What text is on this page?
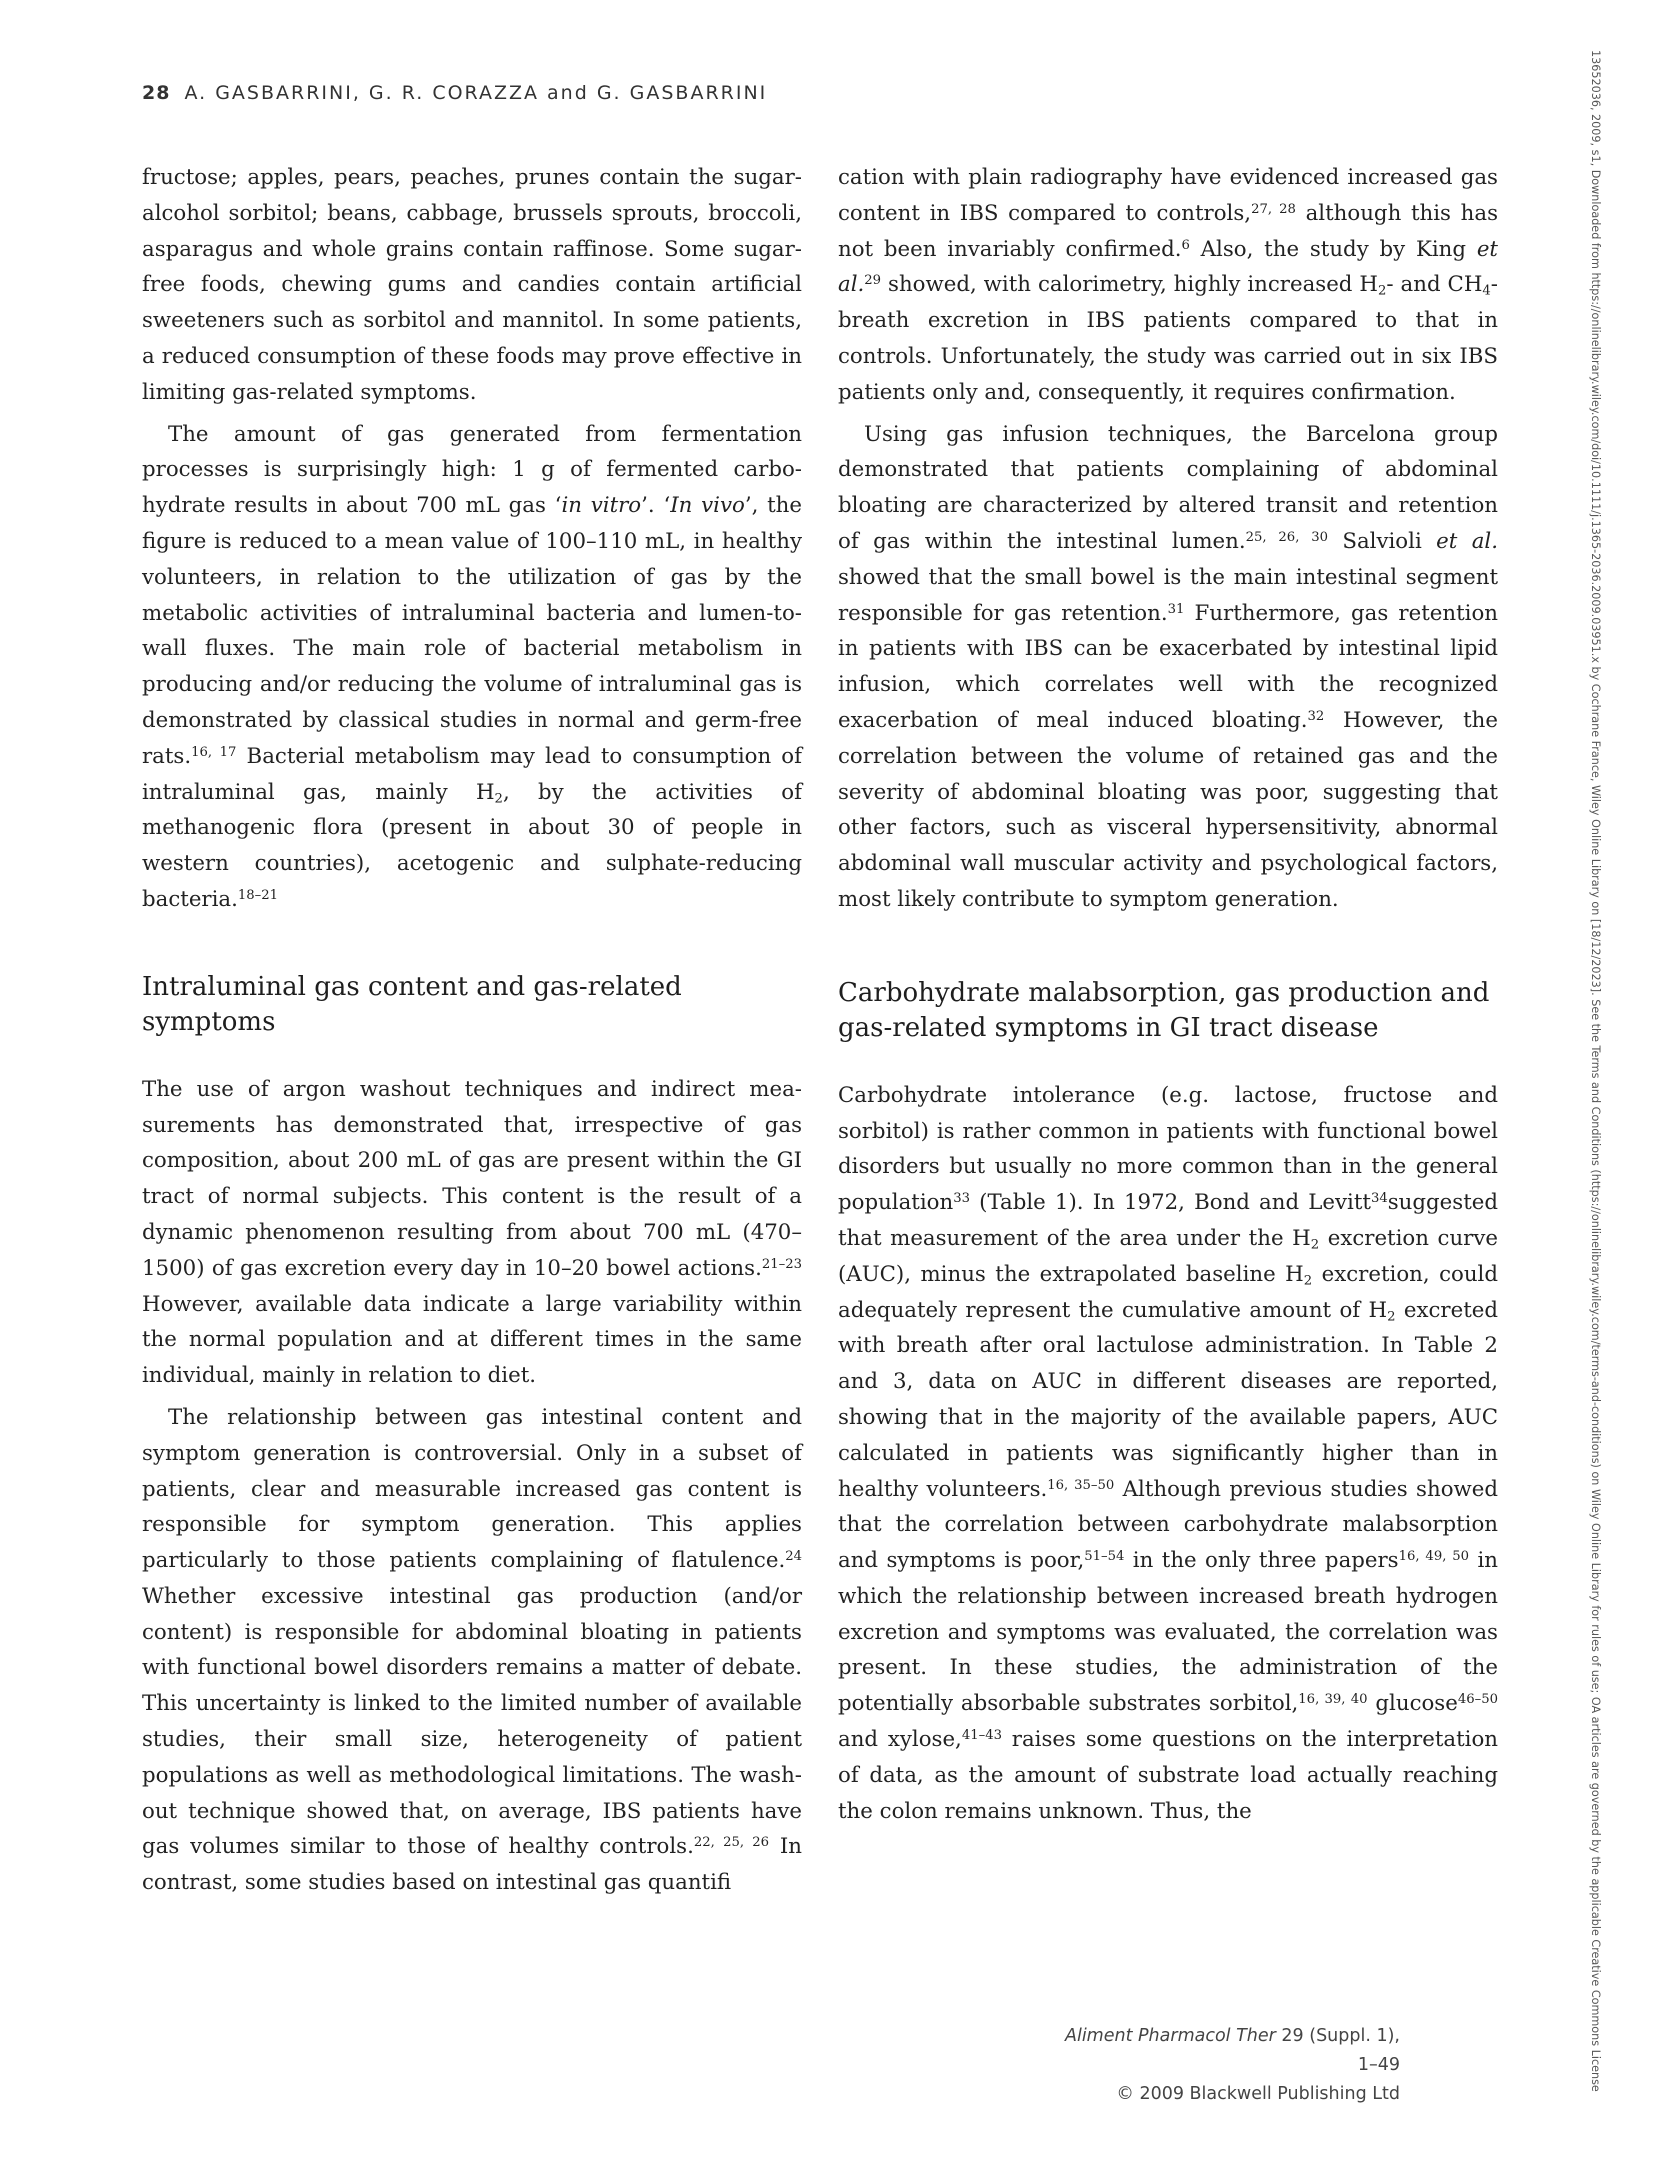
28 A. GASBARRINI, G. R. CORAZZA and G. GASBARRINI

fructose; apples, pears, peaches, prunes contain the sugar-alcohol sorbitol; beans, cabbage, brussels sprouts, broccoli, asparagus and whole grains contain raffinose. Some sugar-free foods, chewing gums and candies contain artificial sweeteners such as sorbitol and mannitol. In some patients, a reduced consumption of these foods may prove effective in limiting gas-related symptoms.

The amount of gas generated from fermentation processes is surprisingly high: 1 g of fermented carbohydrate results in about 700 mL gas ‘in vitro’. ‘In vivo’, the figure is reduced to a mean value of 100–110 mL, in healthy volunteers, in relation to the utilization of gas by the metabolic activities of intraluminal bacteria and lumen-to-wall fluxes. The main role of bacterial metabolism in producing and/or reducing the volume of intraluminal gas is demonstrated by classical studies in normal and germ-free rats.$^{16, 17}$ Bacterial metabolism may lead to consumption of intraluminal gas, mainly $H_2$, by the activities of methanogenic flora (present in about 30 of people in western countries), acetogenic and sulphate-reducing bacteria.$^{18-21}$

Intraluminal gas content and gas-related symptoms

The use of argon washout techniques and indirect measurements has demonstrated that, irrespective of gas composition, about 200 mL of gas are present within the GI tract of normal subjects. This content is the result of a dynamic phenomenon resulting from about 700 mL (470–1500) of gas excretion every day in 10–20 bowel actions.$^{21-23}$ However, available data indicate a large variability within the normal population and at different times in the same individual, mainly in relation to diet.

The relationship between gas intestinal content and symptom generation is controversial. Only in a subset of patients, clear and measurable increased gas content is responsible for symptom generation. This applies particularly to those patients complaining of flatulence.$^{24}$ Whether excessive intestinal gas production (and/or content) is responsible for abdominal bloating in patients with functional bowel disorders remains a matter of debate. This uncertainty is linked to the limited number of available studies, their small size, heterogeneity of patient populations as well as methodological limitations. The wash-out technique showed that, on average, IBS patients have gas volumes similar to those of healthy controls.$^{22, 25, 26}$ In contrast, some studies based on intestinal gas quantifi

cation with plain radiography have evidenced increased gas content in IBS compared to controls,$^{27, 28}$ although this has not been invariably confirmed.$^6$ Also, the study by King et al.$^{29}$ showed, with calorimetry, highly increased $H_2-$ and $CH_4$-breath excretion in IBS patients compared to that in controls. Unfortunately, the study was carried out in six IBS patients only and, consequently, it requires confirmation.

Using gas infusion techniques, the Barcelona group demonstrated that patients complaining of abdominal bloating are characterized by altered transit and retention of gas within the intestinal lumen.$^{25, 26, 30}$ Salvioli et al. showed that the small bowel is the main intestinal segment responsible for gas retention.$^{31}$ Furthermore, gas retention in patients with IBS can be exacerbated by intestinal lipid infusion, which correlates well with the recognized exacerbation of meal induced bloating.$^{32}$ However, the correlation between the volume of retained gas and the severity of abdominal bloating was poor, suggesting that other factors, such as visceral hypersensitivity, abnormal abdominal wall muscular activity and psychological factors, most likely contribute to symptom generation.

Carbohydrate malabsorption, gas production and gas-related symptoms in GI tract disease

Carbohydrate intolerance (e.g. lactose, fructose and sorbitol) is rather common in patients with functional bowel disorders but usually no more common than in the general population$^{33}$ (Table 1). In 1972, Bond and Levitt$^{34}$suggested that measurement of the area under the $H_2$ excretion curve (AUC), minus the extrapolated baseline $H_2$ excretion, could adequately represent the cumulative amount of $H_2$ excreted with breath after oral lactulose administration. In Table 2 and 3, data on AUC in different diseases are reported, showing that in the majority of the available papers, AUC calculated in patients was significantly higher than in healthy volunteers.$^{16, 35-50}$ Although previous studies showed that the correlation between carbohydrate malabsorption and symptoms is poor,$^{51-54}$ in the only three papers$^{16, 49, 50}$ in which the relationship between increased breath hydrogen excretion and symptoms was evaluated, the correlation was present. In these studies, the administration of the potentially absorbable substrates sorbitol,$^{16, 39, 40}$ glucose$^{46-50}$ and xylose,$^{41-43}$ raises some questions on the interpretation of data, as the amount of substrate load actually reaching the colon remains unknown. Thus, the

Aliment Pharmacol Ther 29 (Suppl. 1), 1–49
© 2009 Blackwell Publishing Ltd
13652036, 2009, s1, Downloaded from https://onlinelibrary.wiley.com/doi/10.1111/j.1365-2036.2009.03951.x by Cochrane France, Wiley Online Library on [18/12/2023]. See the Terms and Conditions (https://onlinelibrary.wiley.com/terms-and-conditions) on Wiley Online Library for rules of use; OA articles are governed by the applicable Creative Commons License
